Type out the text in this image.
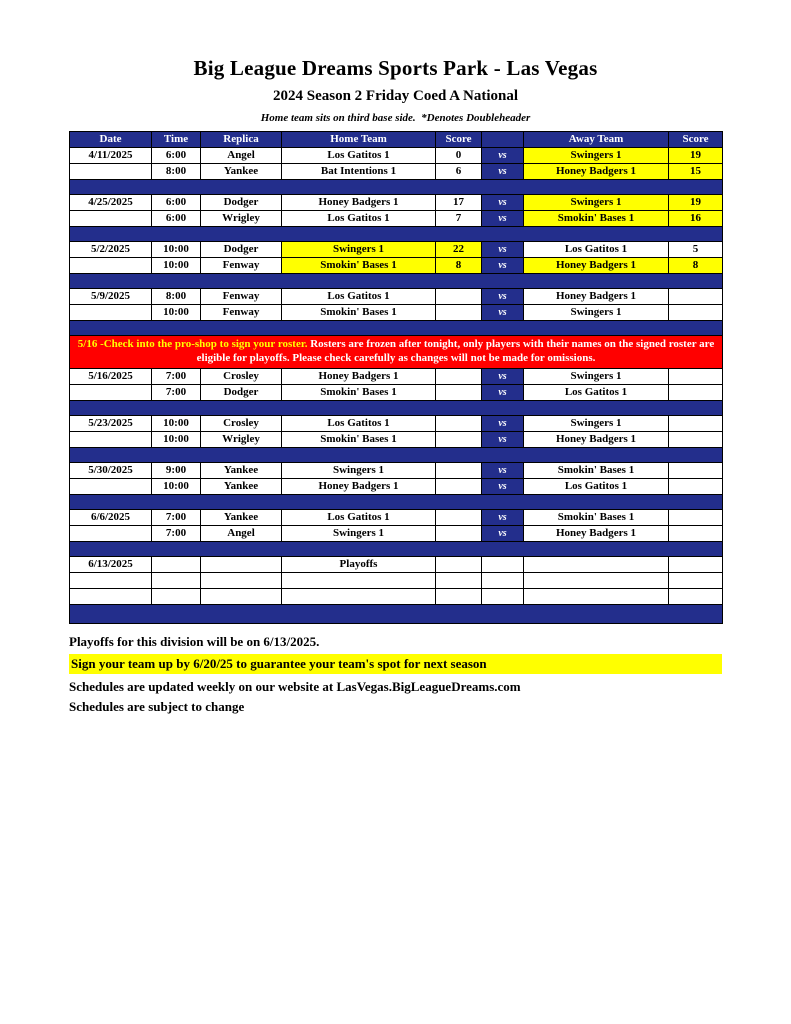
Big League Dreams Sports Park - Las Vegas
2024 Season 2 Friday Coed A National
Home team sits on third base side.  *Denotes Doubleheader
Date	Time	Replica	Home Team	Score		Away Team	Score
4/11/2025	6:00	Angel	Los Gatitos 1	0	vs	Swingers 1	19
	8:00	Yankee	Bat Intentions 1	6	vs	Honey Badgers 1	15

4/25/2025	6:00	Dodger	Honey Badgers 1	17	vs	Swingers 1	19
	6:00	Wrigley	Los Gatitos 1	7	vs	Smokin' Bases 1	16

5/2/2025	10:00	Dodger	Swingers 1	22	vs	Los Gatitos 1	5
	10:00	Fenway	Smokin' Bases 1	8	vs	Honey Badgers 1	8

5/9/2025	8:00	Fenway	Los Gatitos 1		vs	Honey Badgers 1	
	10:00	Fenway	Smokin' Bases 1		vs	Swingers 1	

5/16 -Check into the pro-shop to sign your roster. Rosters are frozen after tonight, only players with their names on the signed roster are eligible for playoffs. Please check carefully as changes will not be made for omissions.							
5/16/2025	7:00	Crosley	Honey Badgers 1		vs	Swingers 1	
	7:00	Dodger	Smokin' Bases 1		vs	Los Gatitos 1	

5/23/2025	10:00	Crosley	Los Gatitos 1		vs	Swingers 1	
	10:00	Wrigley	Smokin' Bases 1		vs	Honey Badgers 1	

5/30/2025	9:00	Yankee	Swingers 1		vs	Smokin' Bases 1	
	10:00	Yankee	Honey Badgers 1		vs	Los Gatitos 1	

6/6/2025	7:00	Yankee	Los Gatitos 1		vs	Smokin' Bases 1	
	7:00	Angel	Swingers 1		vs	Honey Badgers 1	

6/13/2025			Playoffs				

Playoffs for this division will be on 6/13/2025.

Sign your team up by 6/20/25 to guarantee your team's spot for next season

Schedules are updated weekly on our website at LasVegas.BigLeagueDreams.com

Schedules are subject to change
